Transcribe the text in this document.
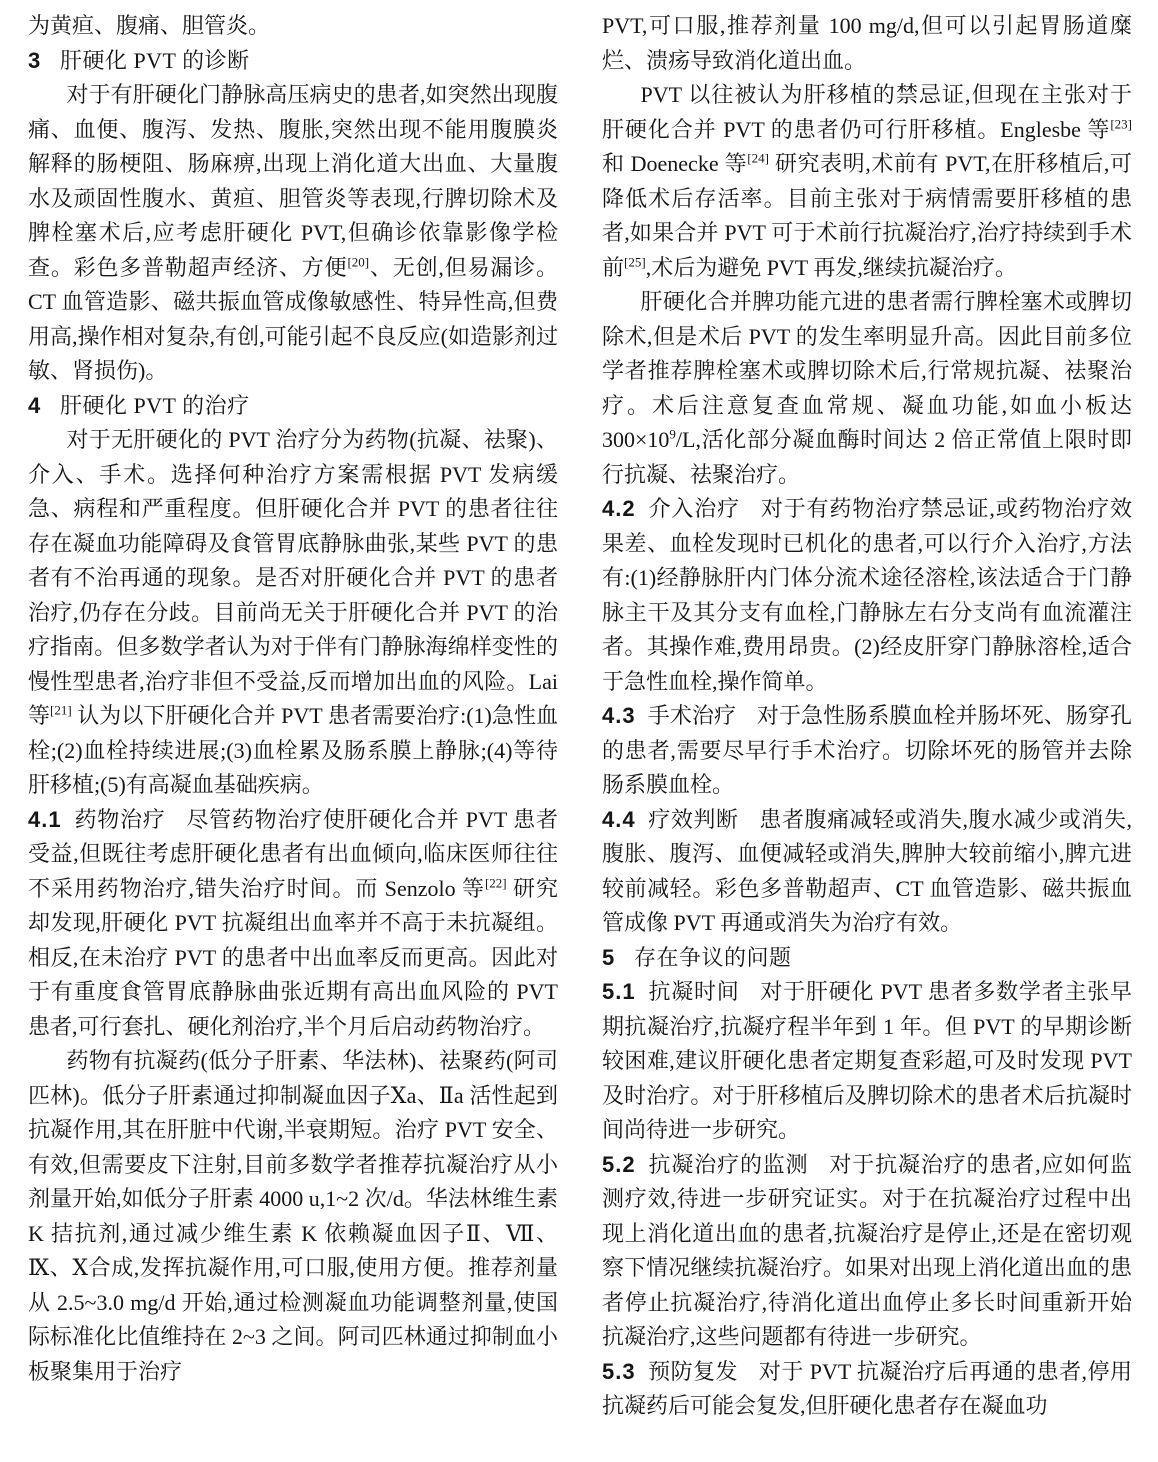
为黄疸、腹痛、胆管炎。

3 肝硬化 PVT 的诊断

对于有肝硬化门静脉高压病史的患者,如突然出现腹痛、血便、腹泻、发热、腹胀,突然出现不能用腹膜炎解释的肠梗阻、肠麻痹,出现上消化道大出血、大量腹水及顽固性腹水、黄疸、胆管炎等表现,行脾切除术及脾栓塞术后,应考虑肝硬化 PVT,但确诊依靠影像学检查。彩色多普勒超声经济、方便[20]、无创,但易漏诊。CT 血管造影、磁共振血管成像敏感性、特异性高,但费用高,操作相对复杂,有创,可能引起不良反应(如造影剂过敏、肾损伤)。

4 肝硬化 PVT 的治疗

对于无肝硬化的 PVT 治疗分为药物(抗凝、祛聚)、介入、手术。选择何种治疗方案需根据 PVT 发病缓急、病程和严重程度。但肝硬化合并 PVT 的患者往往存在凝血功能障碍及食管胃底静脉曲张,某些 PVT 的患者有不治再通的现象。是否对肝硬化合并 PVT 的患者治疗,仍存在分歧。目前尚无关于肝硬化合并 PVT 的治疗指南。但多数学者认为对于伴有门静脉海绵样变性的慢性型患者,治疗非但不受益,反而增加出血的风险。Lai 等[21] 认为以下肝硬化合并 PVT 患者需要治疗:(1)急性血栓;(2)血栓持续进展;(3)血栓累及肠系膜上静脉;(4)等待肝移植;(5)有高凝血基础疾病。

4.1 药物治疗 尽管药物治疗使肝硬化合并 PVT 患者受益,但既往考虑肝硬化患者有出血倾向,临床医师往往不采用药物治疗,错失治疗时间。而 Senzolo 等[22] 研究却发现,肝硬化 PVT 抗凝组出血率并不高于未抗凝组。相反,在未治疗 PVT 的患者中出血率反而更高。因此对于有重度食管胃底静脉曲张近期有高出血风险的 PVT 患者,可行套扎、硬化剂治疗,半个月后启动药物治疗。

药物有抗凝药(低分子肝素、华法林)、祛聚药(阿司匹林)。低分子肝素通过抑制凝血因子Ⅹa、Ⅱa 活性起到抗凝作用,其在肝脏中代谢,半衰期短。治疗 PVT 安全、有效,但需要皮下注射,目前多数学者推荐抗凝治疗从小剂量开始,如低分子肝素 4000 u,1~2 次/d。华法林维生素 K 拮抗剂,通过减少维生素 K 依赖凝血因子Ⅱ、Ⅶ、Ⅸ、Ⅹ合成,发挥抗凝作用,可口服,使用方便。推荐剂量从 2.5~3.0 mg/d 开始,通过检测凝血功能调整剂量,使国际标准化比值维持在 2~3 之间。阿司匹林通过抑制血小板聚集用于治疗

PVT,可口服,推荐剂量 100 mg/d,但可以引起胃肠道糜烂、溃疡导致消化道出血。

PVT 以往被认为肝移植的禁忌证,但现在主张对于肝硬化合并 PVT 的患者仍可行肝移植。Englesbe 等[23] 和 Doenecke 等[24] 研究表明,术前有 PVT,在肝移植后,可降低术后存活率。目前主张对于病情需要肝移植的患者,如果合并 PVT 可于术前行抗凝治疗,治疗持续到手术前[25],术后为避免 PVT 再发,继续抗凝治疗。

肝硬化合并脾功能亢进的患者需行脾栓塞术或脾切除术,但是术后 PVT 的发生率明显升高。因此目前多位学者推荐脾栓塞术或脾切除术后,行常规抗凝、祛聚治疗。术后注意复查血常规、凝血功能,如血小板达 300×10$^9$/L,活化部分凝血酶时间达 2 倍正常值上限时即行抗凝、祛聚治疗。

4.2 介入治疗 对于有药物治疗禁忌证,或药物治疗效果差、血栓发现时已机化的患者,可以行介入治疗,方法有:(1)经静脉肝内门体分流术途径溶栓,该法适合于门静脉主干及其分支有血栓,门静脉左右分支尚有血流灌注者。其操作难,费用昂贵。(2)经皮肝穿门静脉溶栓,适合于急性血栓,操作简单。

4.3 手术治疗 对于急性肠系膜血栓并肠坏死、肠穿孔的患者,需要尽早行手术治疗。切除坏死的肠管并去除肠系膜血栓。

4.4 疗效判断 患者腹痛减轻或消失,腹水减少或消失,腹胀、腹泻、血便减轻或消失,脾肿大较前缩小,脾亢进较前减轻。彩色多普勒超声、CT 血管造影、磁共振血管成像 PVT 再通或消失为治疗有效。

5 存在争议的问题

5.1 抗凝时间 对于肝硬化 PVT 患者多数学者主张早期抗凝治疗,抗凝疗程半年到 1 年。但 PVT 的早期诊断较困难,建议肝硬化患者定期复查彩超,可及时发现 PVT 及时治疗。对于肝移植后及脾切除术的患者术后抗凝时间尚待进一步研究。

5.2 抗凝治疗的监测 对于抗凝治疗的患者,应如何监测疗效,待进一步研究证实。对于在抗凝治疗过程中出现上消化道出血的患者,抗凝治疗是停止,还是在密切观察下情况继续抗凝治疗。如果对出现上消化道出血的患者停止抗凝治疗,待消化道出血停止多长时间重新开始抗凝治疗,这些问题都有待进一步研究。

5.3 预防复发 对于 PVT 抗凝治疗后再通的患者,停用抗凝药后可能会复发,但肝硬化患者存在凝血功
